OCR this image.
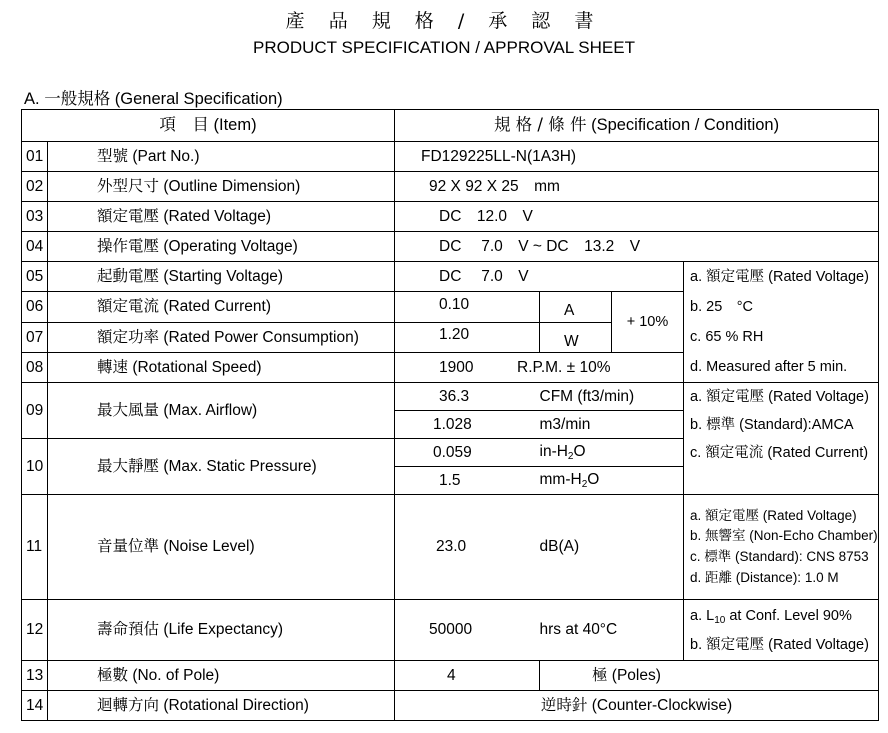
產 品 規 格 / 承 認 書
PRODUCT SPECIFICATION / APPROVAL SHEET
A. 一般規格 (General Specification)
項　目 (Item)		規 格 / 條 件 (Specification / Condition)			
01	型號 (Part No.)	FD129225LL-N(1A3H)			
02	外型尺寸 (Outline Dimension)	92 X 92 X 25　mm			
03	額定電壓 (Rated Voltage)	DC　12.0　V			
04	操作電壓 (Operating Voltage)	DC　 7.0　V ~ DC　13.2　V			
05	起動電壓 (Starting Voltage)	DC　 7.0　V			a. 額定電壓 (Rated Voltage)
b. 25　°C
c. 65 % RH
d. Measured after 5 min.

06	額定電流 (Rated Current)	0.10	A	+ 10%	
07	額定功率 (Rated Power Consumption)	1.20	W		
08	轉速 (Rotational Speed)	1900 R.P.M. ± 10%			
09	最大風量 (Max. Airflow)	36.3	CFM (ft3/min)		a. 額定電壓 (Rated Voltage)
b. 標準 (Standard):AMCA
c. 額定電流 (Rated Current)

		1.028	m3/min		
10	最大靜壓 (Max. Static Pressure)	0.059	$in-H_2O$		
		1.5	$mm-H_2O$		
11	音量位準 (Noise Level)	23.0	dB(A)		a. 額定電壓 (Rated Voltage)
b. 無響室 (Non-Echo Chamber)
c. 標準 (Standard): CNS 8753
d. 距離 (Distance): 1.0 M

12	壽命預估 (Life Expectancy)	50000	hrs at 40°C		a. $L_{10}$ at Conf. Level 90%
b. 額定電壓 (Rated Voltage)

13	極數 (No. of Pole)	4	極 (Poles)		
14	迴轉方向 (Rotational Direction)	逆時針 (Counter-Clockwise)			
